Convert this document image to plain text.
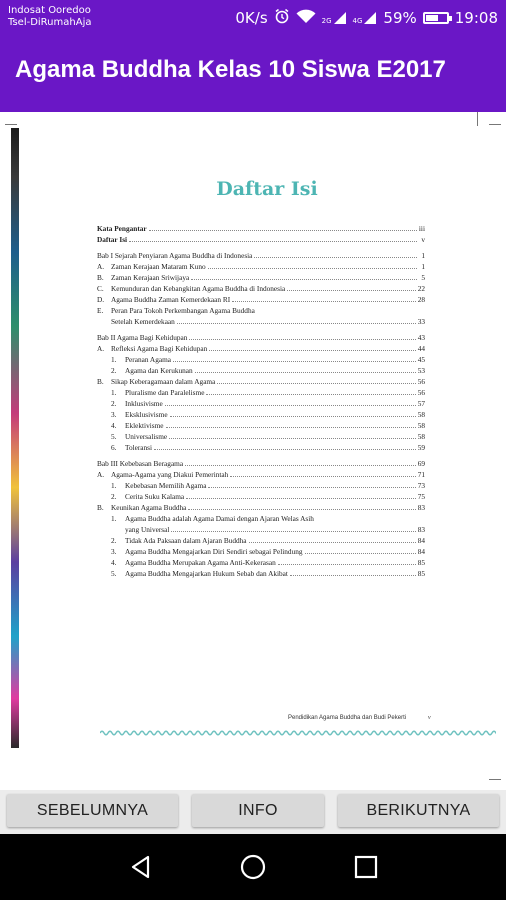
Indosat Ooredoo
Tsel-DiRumahAja	0K/s	2G	4G 59%	19:08
Agama Buddha Kelas 10 Siswa E2017
Daftar Isi
Kata Pengantar	iii
Daftar Isi	v
Bab I Sejarah Penyiaran Agama Buddha di Indonesia	1
A. Zaman Kerajaan Mataram Kuno	1
B. Zaman Kerajaan Sriwijaya	5
C. Kemunduran dan Kebangkitan Agama Buddha di Indonesia	22
D. Agama Buddha Zaman Kemerdekaan RI	28
E. Peran Para Tokoh Perkembangan Agama Buddha
Setelah Kemerdekaan	33
Bab II Agama Bagi Kehidupan	43
A. Refleksi Agama Bagi Kehidupan	44
1. Peranan Agama	45
2. Agama dan Kerukunan	53
B. Sikap Keberagamaan dalam Agama	56
1. Pluralisme dan Paralelisme	56
2. Inklusivisme	57
3. Eksklusivisme	58
4. Eklektivisme	58
5. Universalisme	58
6. Toleransi	59
Bab III Kebebasan Beragama	69
A. Agama-Agama yang Diakui Pemerintah	71
1. Kebebasan Memilih Agama	73
2. Cerita Suku Kalama	75
B. Keunikan Agama Buddha	83
1. Agama Buddha adalah Agama Damai dengan Ajaran Welas Asih
yang Universal	83
2. Tidak Ada Paksaan dalam Ajaran Buddha	84
3. Agama Buddha Mengajarkan Diri Sendiri sebagai Pelindung	84
4. Agama Buddha Merupakan Agama Anti-Kekerasan	85
5. Agama Buddha Mengajarkan Hukum Sebab dan Akibat	85
Pendidikan Agama Buddha dan Budi Pekerti	v
SEBELUMNYA	INFO	BERIKUTNYA
